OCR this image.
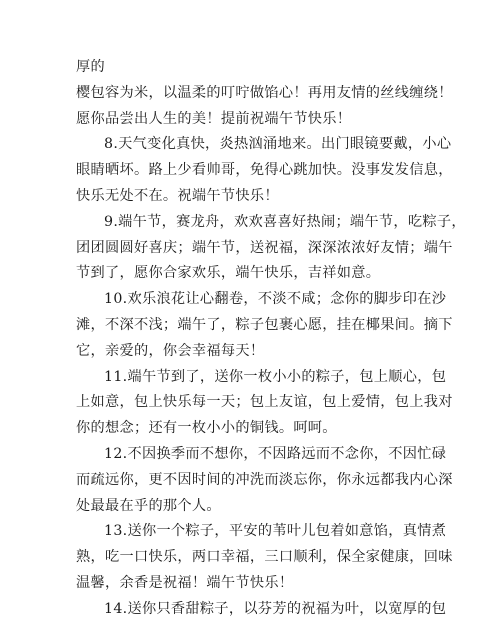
厚的
樱包容为米，以温柔的叮咛做馅心！再用友情的丝线缠绕！
愿你品尝出人生的美！提前祝端午节快乐！
8.天气变化真快，炎热汹涌地来。出门眼镜要戴，小心
眼睛晒坏。路上少看帅哥，免得心跳加快。没事发发信息，
快乐无处不在。祝端午节快乐！
9.端午节，赛龙舟，欢欢喜喜好热闹；端午节，吃粽子，
团团圆圆好喜庆；端午节，送祝福，深深浓浓好友情；端午
节到了，愿你合家欢乐，端午快乐，吉祥如意。
10.欢乐浪花让心翻卷，不淡不咸；念你的脚步印在沙
滩，不深不浅；端午了，粽子包裹心愿，挂在椰果间。摘下
它，亲爱的，你会幸福每天！
11.端午节到了，送你一枚小小的粽子，包上顺心，包
上如意，包上快乐每一天；包上友谊，包上爱情，包上我对
你的想念；还有一枚小小的铜钱。呵呵。
12.不因换季而不想你，不因路远而不念你，不因忙碌
而疏远你，更不因时间的冲洗而淡忘你，你永远都我内心深
处最最在乎的那个人。
13.送你一个粽子，平安的苇叶儿包着如意馅，真情煮
熟，吃一口快乐，两口幸福，三口顺利，保全家健康，回味
温馨，余香是祝福！端午节快乐！
14.送你只香甜粽子，以芬芳的祝福为叶，以宽厚的包
